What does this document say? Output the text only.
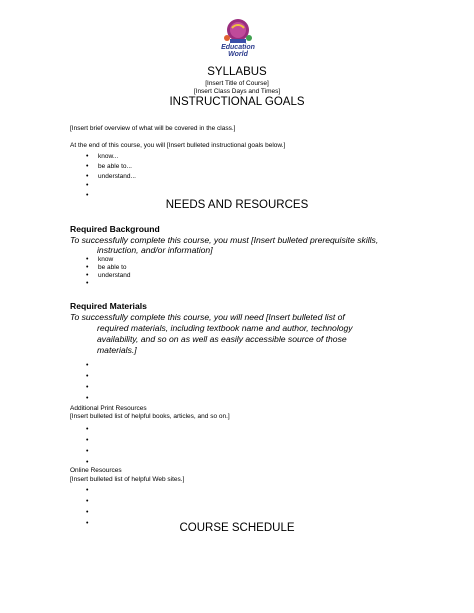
Education
World
SYLLABUS
[Insert Title of Course]
[Insert Class Days and Times]
INSTRUCTIONAL GOALS
[Insert brief overview of what will be covered in the class.]
At the end of this course, you will [Insert bulleted instructional goals below.]
• know...
• be able to...
• understand...
•
•
NEEDS AND RESOURCES
Required Background
To successfully complete this course, you must [Insert bulleted prerequisite skills,
instruction, and/or information]
• know
• be able to
• understand
•
Required Materials
To successfully complete this course, you will need [Insert bulleted list of
required materials, including textbook name and author, technology
availability, and so on as well as easily accessible source of those
materials.]
•
•
•
•
Additional Print Resources
[Insert bulleted list of helpful books, articles, and so on.]
•
•
•
•
Online Resources
[Insert bulleted list of helpful Web sites.]
•
•
•
•
COURSE SCHEDULE
